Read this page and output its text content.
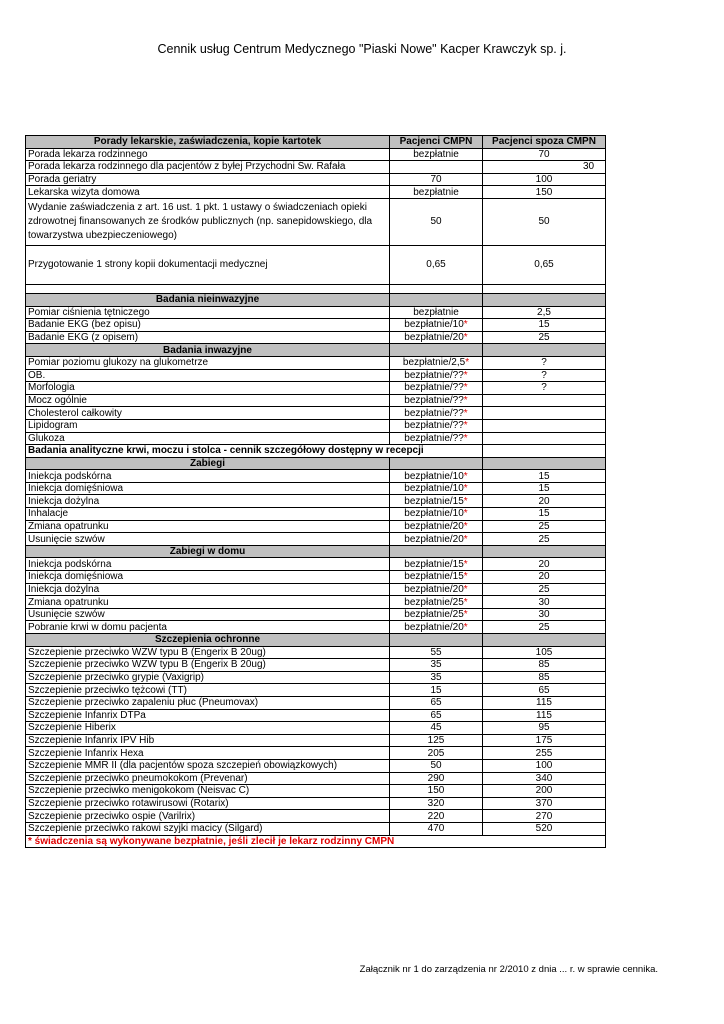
Cennik usług Centrum Medycznego "Piaski Nowe" Kacper Krawczyk sp. j.
Porady lekarskie, zaświadczenia, kopie kartotek	Pacjenci CMPN	Pacjenci spoza CMPN
Porada lekarza rodzinnego	bezpłatnie	70
Porada lekarza rodzinnego dla pacjentów z byłej Przychodni Św. Rafała		30
Porada geriatry	70	100
Lekarska wizyta domowa	bezpłatnie	150
Wydanie zaświadczenia z art. 16 ust. 1 pkt. 1 ustawy o świadczeniach opieki zdrowotnej finansowanych ze środków publicznych (np. sanepidowskiego, dla towarzystwa ubezpieczeniowego)	50	50
Przygotowanie 1 strony kopii dokumentacji medycznej	0,65	0,65

Badania nieinwazyjne		
Pomiar ciśnienia tętniczego	bezpłatnie	2,5
Badanie EKG (bez opisu)	bezpłatnie/10*	15
Badanie EKG (z opisem)	bezpłatnie/20*	25
Badania inwazyjne		
Pomiar poziomu glukozy na glukometrze	bezpłatnie/2,5*	?
OB.	bezpłatnie/??*	?
Morfologia	bezpłatnie/??*	?
Mocz ogólnie	bezpłatnie/??*	
Cholesterol całkowity	bezpłatnie/??*	
Lipidogram	bezpłatnie/??*	
Glukoza	bezpłatnie/??*	
Badania analityczne krwi, moczu i stolca - cennik szczegółowy dostępny w recepcji		
Zabiegi		
Iniekcja podskórna	bezpłatnie/10*	15
Iniekcja domięśniowa	bezpłatnie/10*	15
Iniekcja dożylna	bezpłatnie/15*	20
Inhalacje	bezpłatnie/10*	15
Zmiana opatrunku	bezpłatnie/20*	25
Usunięcie szwów	bezpłatnie/20*	25
Zabiegi w domu		
Iniekcja podskórna	bezpłatnie/15*	20
Iniekcja domięśniowa	bezpłatnie/15*	20
Iniekcja dożylna	bezpłatnie/20*	25
Zmiana opatrunku	bezpłatnie/25*	30
Usunięcie szwów	bezpłatnie/25*	30
Pobranie krwi w domu pacjenta	bezpłatnie/20*	25
Szczepienia ochronne		
Szczepienie przeciwko WZW typu B (Engerix B 20ug)	55	105
Szczepienie przeciwko WZW typu B (Engerix B 20ug)	35	85
Szczepienie przeciwko grypie (Vaxigrip)	35	85
Szczepienie przeciwko tężcowi (TT)	15	65
Szczepienie przeciwko zapaleniu płuc (Pneumovax)	65	115
Szczepienie Infanrix DTPa	65	115
Szczepienie Hiberix	45	95
Szczepienie Infanrix IPV Hib	125	175
Szczepienie Infanrix Hexa	205	255
Szczepienie MMR II (dla pacjentów spoza szczepień obowiązkowych)	50	100
Szczepienie przeciwko pneumokokom (Prevenar)	290	340
Szczepienie przeciwko menigokokom (Neisvac C)	150	200
Szczepienie przeciwko rotawirusowi (Rotarix)	320	370
Szczepienie przeciwko ospie (Varilrix)	220	270
Szczepienie przeciwko rakowi szyjki macicy (Silgard)	470	520
* świadczenia są wykonywane bezpłatnie, jeśli zlecił je lekarz rodzinny CMPN		
Załącznik nr 1 do zarządzenia nr 2/2010 z dnia ... r. w sprawie cennika.
